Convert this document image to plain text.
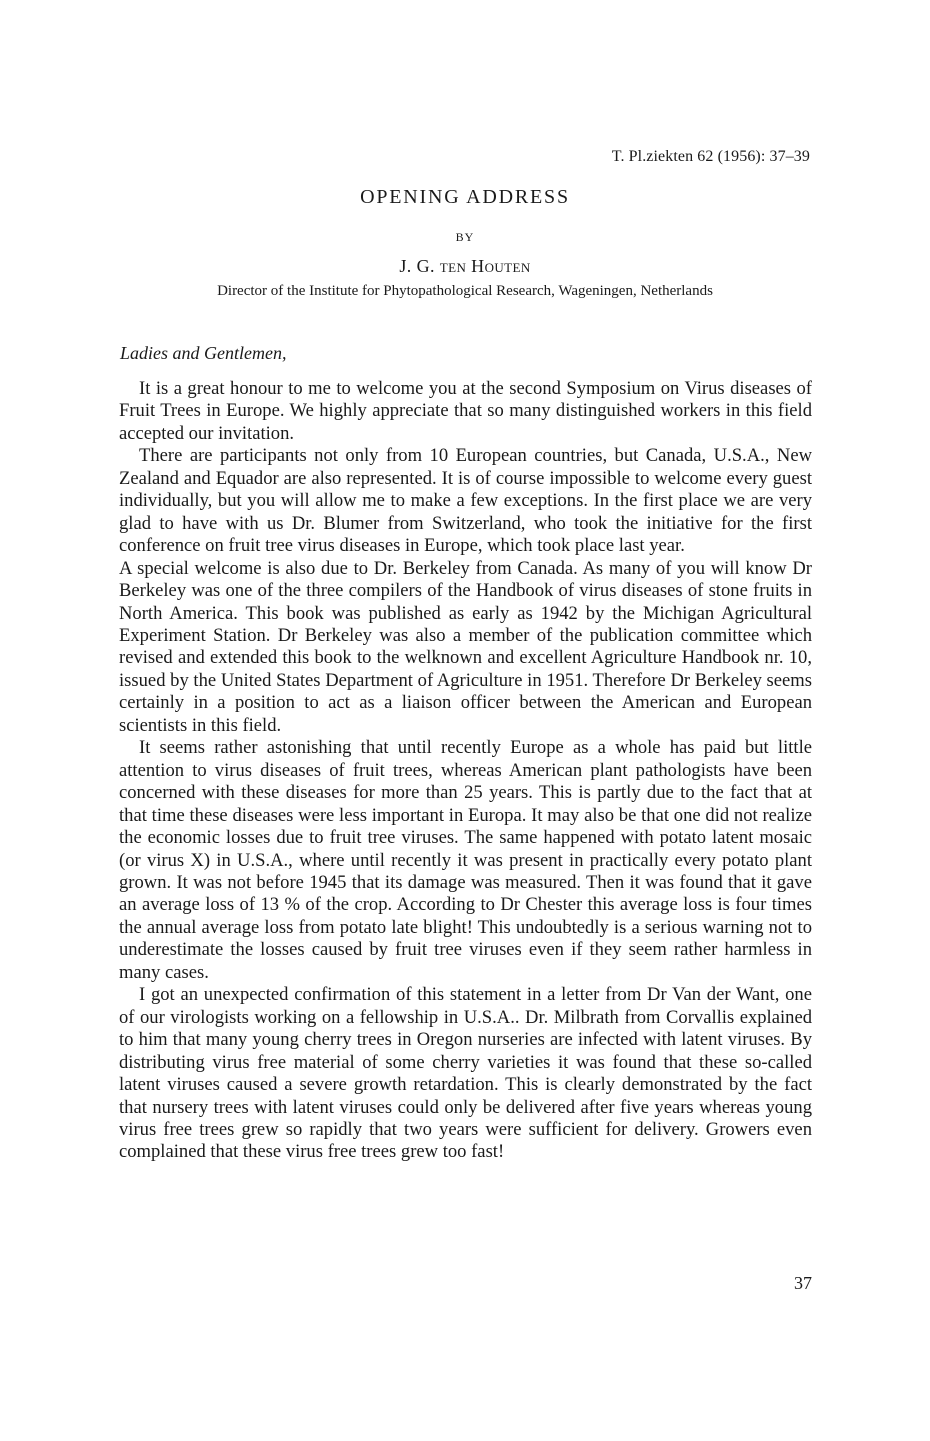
T. Pl.ziekten 62 (1956): 37–39
OPENING ADDRESS
BY
J. G. ten Houten
Director of the Institute for Phytopathological Research, Wageningen, Netherlands
Ladies and Gentlemen,

It is a great honour to me to welcome you at the second Symposium on Virus diseases of Fruit Trees in Europe. We highly appreciate that so many distinguished workers in this field accepted our invitation.

There are participants not only from 10 European countries, but Canada, U.S.A., New Zealand and Equador are also represented. It is of course impossible to welcome every guest individually, but you will allow me to make a few exceptions. In the first place we are very glad to have with us Dr. Blumer from Switzerland, who took the initiative for the first conference on fruit tree virus diseases in Europe, which took place last year.

A special welcome is also due to Dr. Berkeley from Canada. As many of you will know Dr Berkeley was one of the three compilers of the Handbook of virus diseases of stone fruits in North America. This book was published as early as 1942 by the Michigan Agricultural Experiment Station. Dr Berkeley was also a member of the publication committee which revised and extended this book to the welknown and excellent Agriculture Handbook nr. 10, issued by the United States Department of Agriculture in 1951. Therefore Dr Berkeley seems certainly in a position to act as a liaison officer between the American and European scientists in this field.

It seems rather astonishing that until recently Europe as a whole has paid but little attention to virus diseases of fruit trees, whereas American plant pathologists have been concerned with these diseases for more than 25 years. This is partly due to the fact that at that time these diseases were less important in Europa. It may also be that one did not realize the economic losses due to fruit tree viruses. The same happened with potato latent mosaic (or virus X) in U.S.A., where until recently it was present in practically every potato plant grown. It was not before 1945 that its damage was measured. Then it was found that it gave an average loss of 13 % of the crop. According to Dr Chester this average loss is four times the annual average loss from potato late blight! This undoubtedly is a serious warning not to underestimate the losses caused by fruit tree viruses even if they seem rather harmless in many cases.

I got an unexpected confirmation of this statement in a letter from Dr Van der Want, one of our virologists working on a fellowship in U.S.A.. Dr. Milbrath from Corvallis explained to him that many young cherry trees in Oregon nurseries are infected with latent viruses. By distributing virus free material of some cherry varieties it was found that these so-called latent viruses caused a severe growth retardation. This is clearly demonstrated by the fact that nursery trees with latent viruses could only be delivered after five years whereas young virus free trees grew so rapidly that two years were sufficient for delivery. Growers even complained that these virus free trees grew too fast!

37
